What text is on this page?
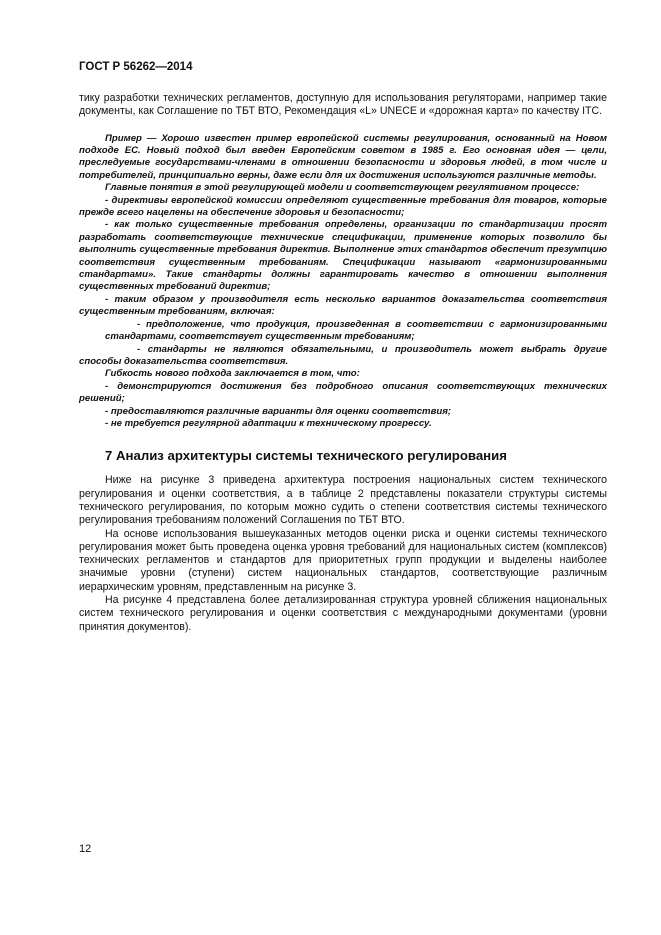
ГОСТ Р 56262—2014

тику разработки технических регламентов, доступную для использования регуляторами, например такие документы, как Соглашение по ТБТ ВТО, Рекомендация «L» UNECE и «дорожная карта» по качеству ITC.

Пример — Хорошо известен пример европейской системы регулирования, основанный на Новом подходе ЕС. Новый подход был введен Европейским советом в 1985 г. Его основная идея — цели, преследуемые государствами-членами в отношении безопасности и здоровья людей, в том числе и потребителей, принципиально верны, даже если для их достижения используются различные методы.

Главные понятия в этой регулирующей модели и соответствующем регулятивном процессе:

- директивы европейской комиссии определяют существенные требования для товаров, которые прежде всего нацелены на обеспечение здоровья и безопасности;

- как только существенные требования определены, организации по стандартизации просят разработать соответствующие технические спецификации, применение которых позволило бы выполнить существенные требования директив. Выполнение этих стандартов обеспечит презумпцию соответствия существенным требованиям. Спецификации называют «гармонизированными стандартами». Такие стандарты должны гарантировать качество в отношении выполнения существенных требований директив;

- таким образом у производителя есть несколько вариантов доказательства соответствия существенным требованиям, включая:

- предположение, что продукция, произведенная в соответствии с гармонизированными стандартами, соответствует существенным требованиям;

- стандарты не являются обязательными, и производитель может выбрать другие способы доказательства соответствия.

Гибкость нового подхода заключается в том, что:

- демонстрируются достижения без подробного описания соответствующих технических решений;

- предоставляются различные варианты для оценки соответствия;

- не требуется регулярной адаптации к техническому прогрессу.

7 Анализ архитектуры системы технического регулирования

Ниже на рисунке 3 приведена архитектура построения национальных систем технического регулирования и оценки соответствия, а в таблице 2 представлены показатели структуры системы технического регулирования, по которым можно судить о степени соответствия системы технического регулирования требованиям положений Соглашения по ТБТ ВТО.

На основе использования вышеуказанных методов оценки риска и оценки системы технического регулирования может быть проведена оценка уровня требований для национальных систем (комплексов) технических регламентов и стандартов для приоритетных групп продукции и выделены наиболее значимые уровни (ступени) систем национальных стандартов, соответствующие различным иерархическим уровням, представленным на рисунке 3.

На рисунке 4 представлена более детализированная структура уровней сближения национальных систем технического регулирования и оценки соответствия с международными документами (уровни принятия документов).

12
